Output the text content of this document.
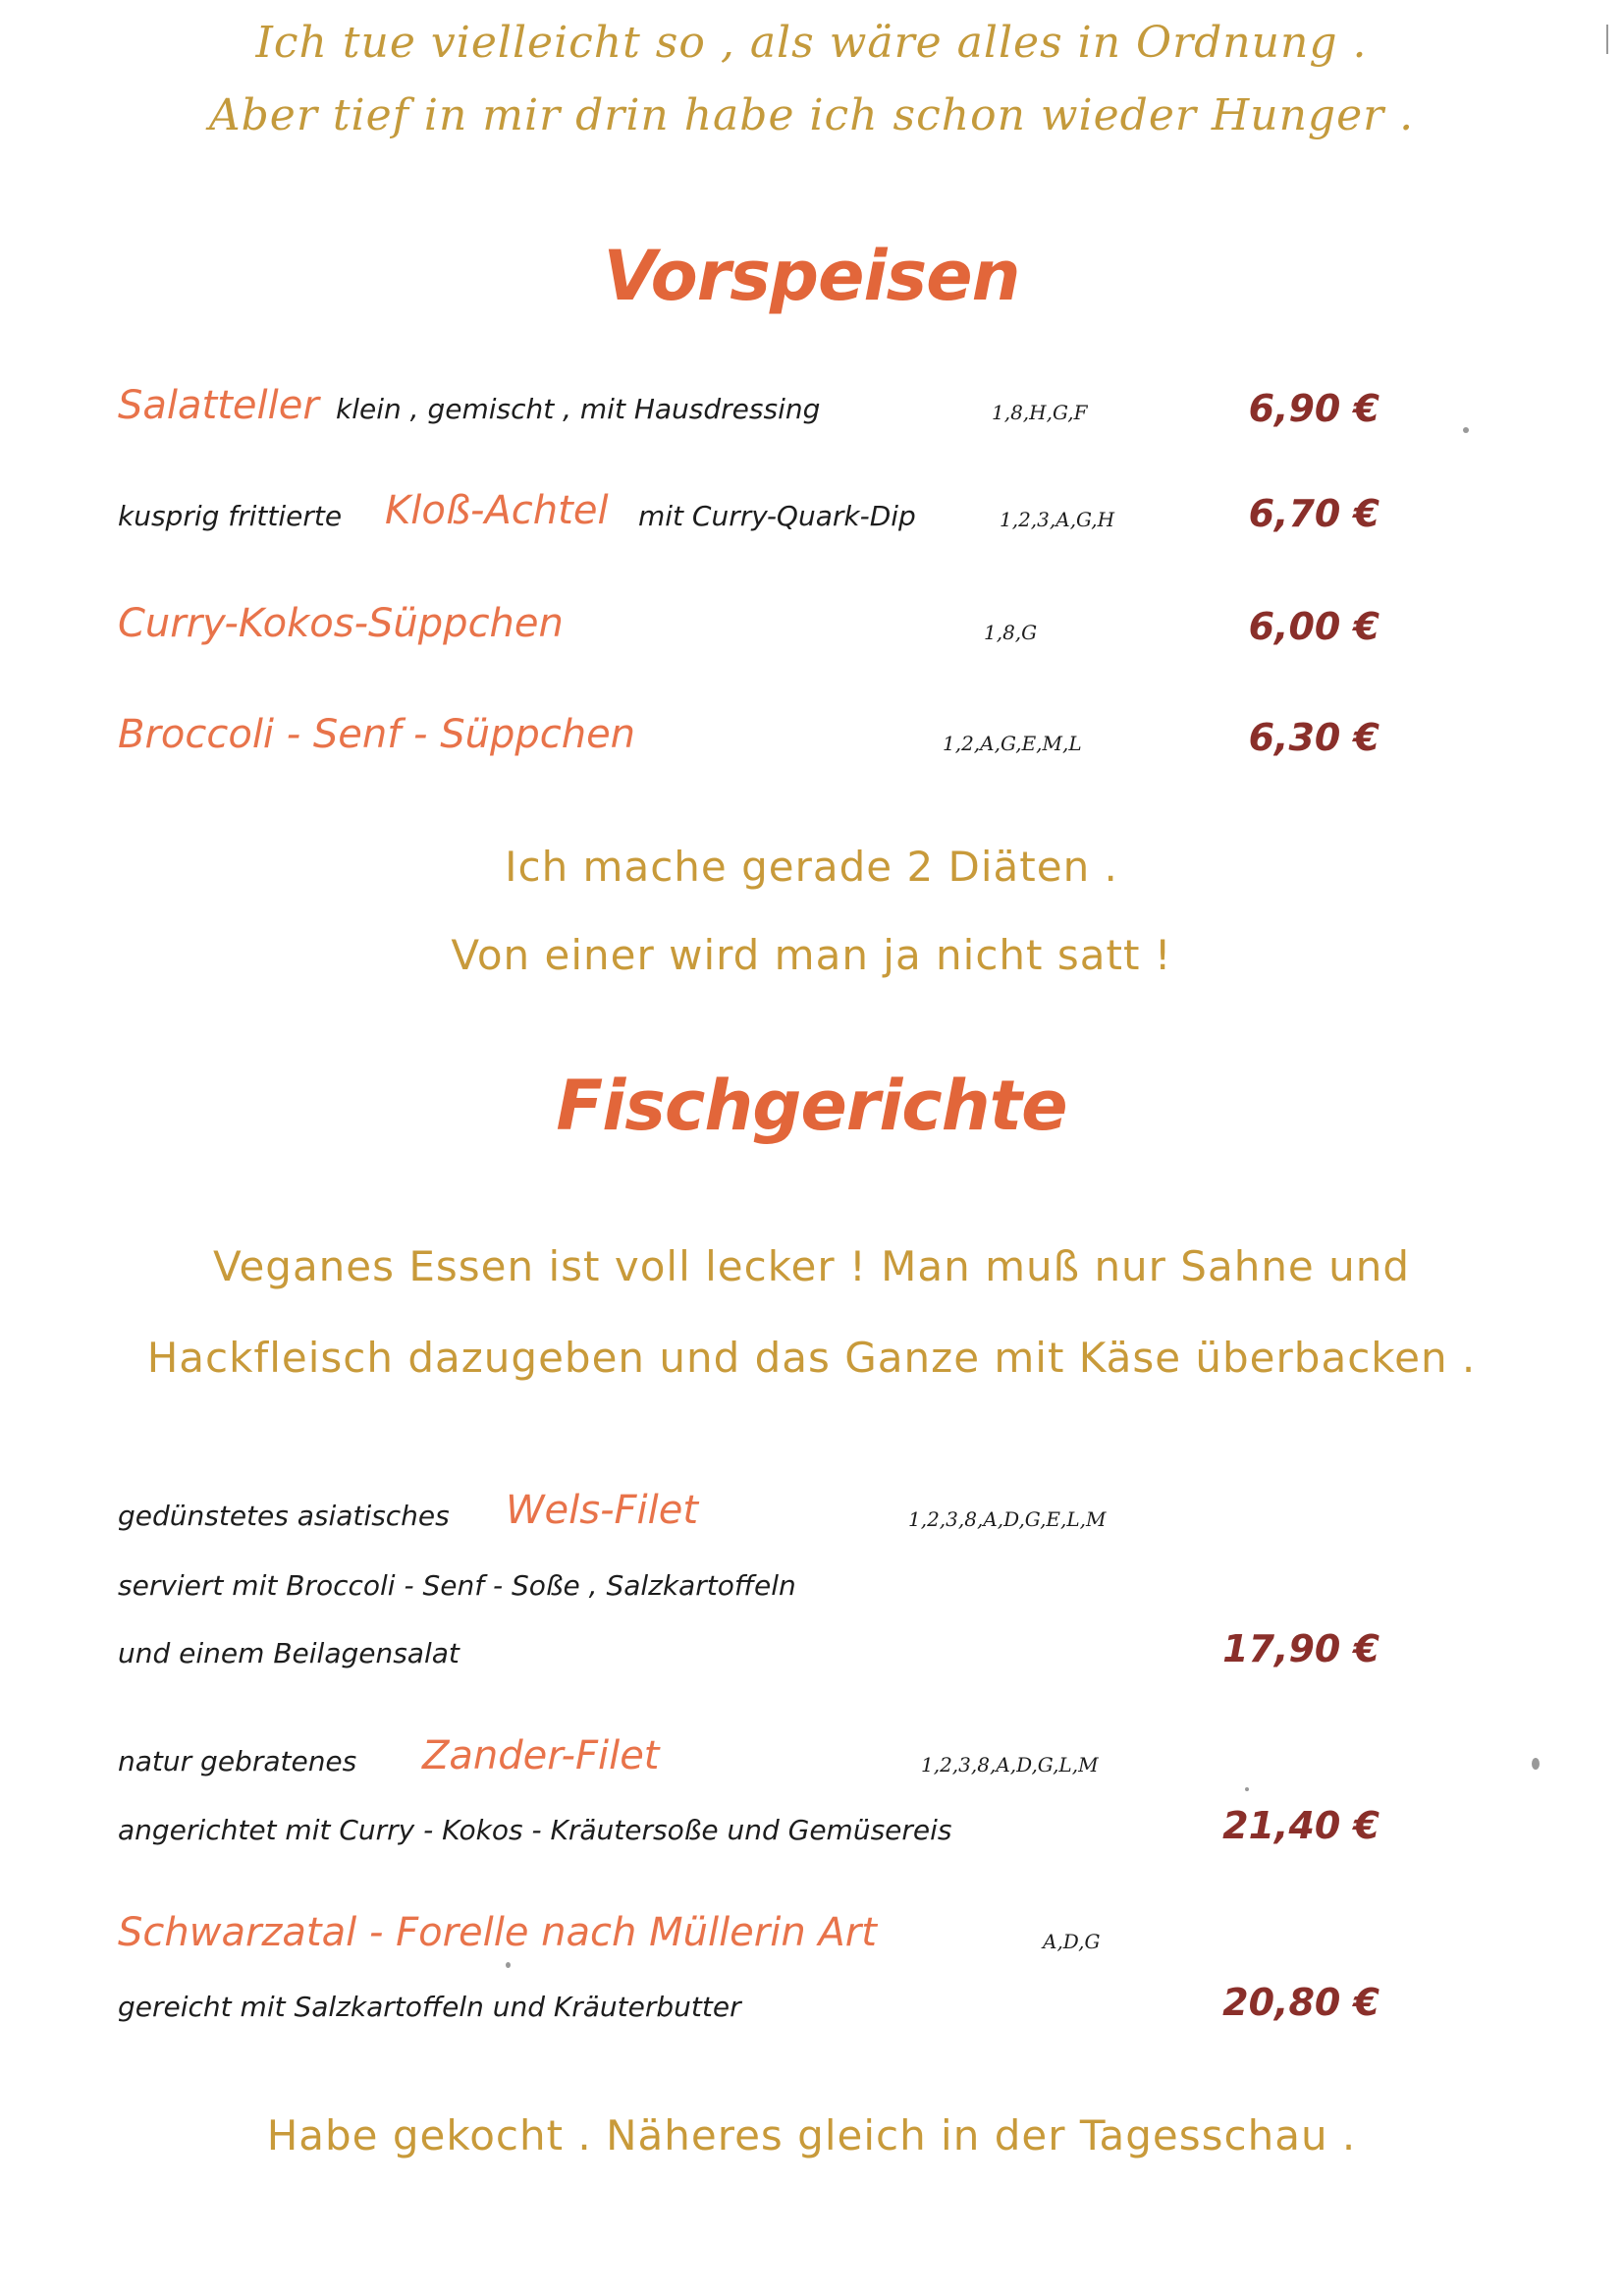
Ich tue vielleicht so , als wäre alles in Ordnung .

Aber tief in mir drin habe ich schon wieder Hunger .

Vorspeisen
Salatteller klein , gemischt , mit Hausdressing	1,8,H,G,F	6,90 €
kusprig frittierte Kloß-Achtel mit Curry-Quark-Dip	1,2,3,A,G,H	6,70 €
Curry-Kokos-Süppchen	1,8,G	6,00 €
Broccoli - Senf - Süppchen	1,2,A,G,E,M,L	6,30 €

Ich mache gerade 2 Diäten .

Von einer wird man ja nicht satt !

Fischgerichte

Veganes Essen ist voll lecker ! Man muß nur Sahne und

Hackfleisch dazugeben und das Ganze mit Käse überbacken .

gedünstetes asiatisches Wels-Filet	1,2,3,8,A,D,G,E,L,M
serviert mit Broccoli - Senf - Soße , Salzkartoffeln
und einem Beilagensalat	17,90 €
natur gebratenes Zander-Filet	1,2,3,8,A,D,G,L,M
angerichtet mit Curry - Kokos - Kräutersoße und Gemüsereis	21,40 €
Schwarzatal - Forelle nach Müllerin Art	A,D,G
gereicht mit Salzkartoffeln und Kräuterbutter	20,80 €

Habe gekocht . Näheres gleich in der Tagesschau .
